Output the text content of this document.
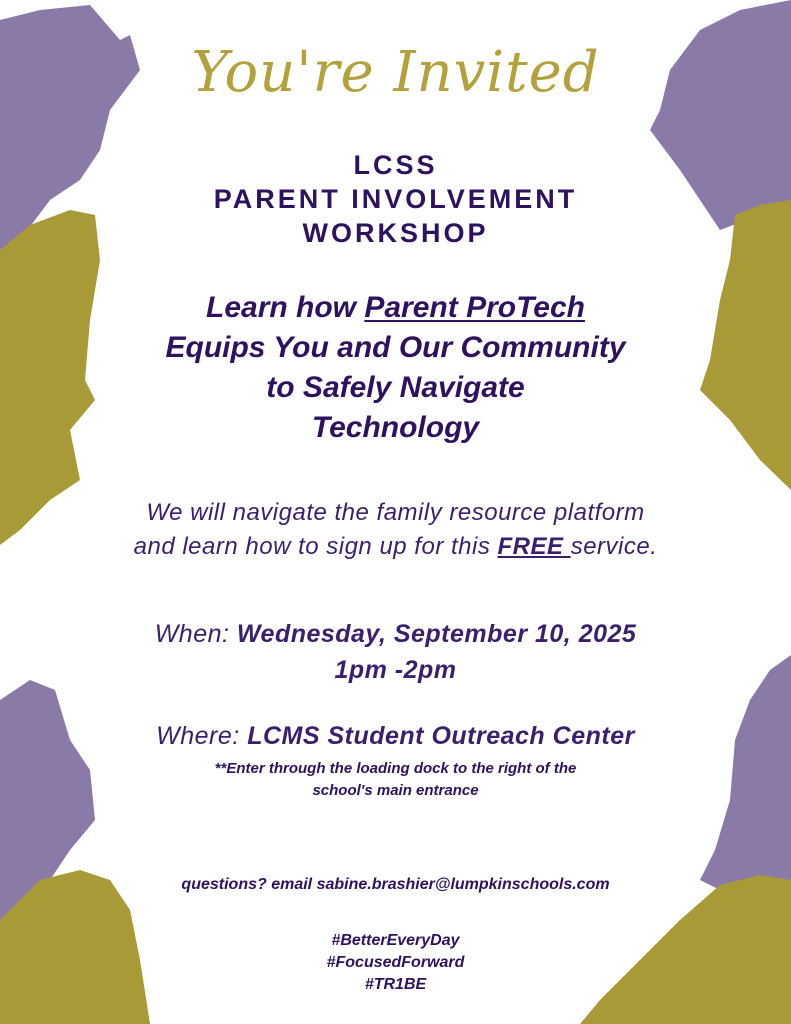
You're Invited
LCSS
PARENT INVOLVEMENT
WORKSHOP
Learn how Parent ProTech
Equips You and Our Community
to Safely Navigate
Technology
We will navigate the family resource platform
and learn how to sign up for this FREE service.
When: Wednesday, September 10, 2025
1pm -2pm
Where: LCMS Student Outreach Center
**Enter through the loading dock to the right of the
school's main entrance
questions? email sabine.brashier@lumpkinschools.com
#BetterEveryDay
#FocusedForward
#TR1BE
